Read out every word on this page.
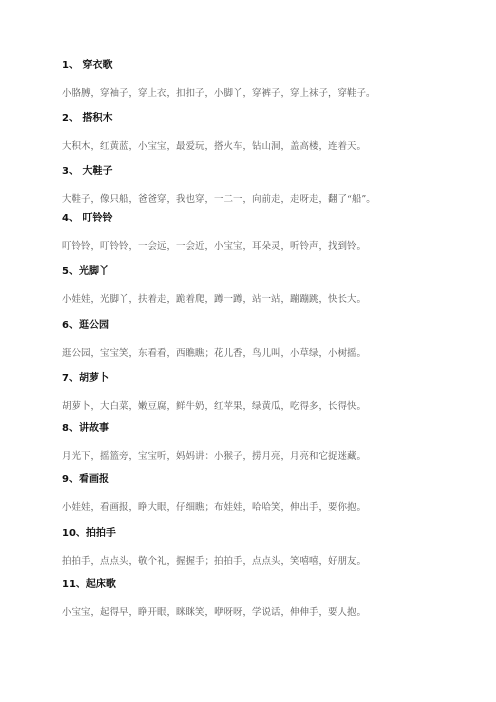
1、 穿衣歌
小胳膊，穿袖子，穿上衣，扣扣子，小脚丫，穿裤子，穿上袜子，穿鞋子。
2、 搭积木
大积木，红黄蓝，小宝宝，最爱玩，搭火车，钻山洞，盖高楼，连着天。
3、 大鞋子
大鞋子，像只船，爸爸穿，我也穿，一二一，向前走，走呀走，翻了“船”。
4、 叮铃铃
叮铃铃，叮铃铃，一会远，一会近，小宝宝，耳朵灵，听铃声，找到铃。
5、光脚丫
小娃娃，光脚丫，扶着走，跪着爬，蹲一蹲，站一站，蹦蹦跳，快长大。
6、逛公园
逛公园，宝宝笑，东看看，西瞧瞧；花儿香，鸟儿叫，小草绿，小树摇。
7、胡萝卜
胡萝卜，大白菜，嫩豆腐，鲜牛奶，红苹果，绿黄瓜，吃得多，长得快。
8、讲故事
月光下，摇篮旁，宝宝听，妈妈讲：小猴子，捞月亮，月亮和它捉迷藏。
9、看画报
小娃娃，看画报，睁大眼，仔细瞧；布娃娃，哈哈笑，伸出手，要你抱。
10、拍拍手
拍拍手，点点头，敬个礼，握握手；拍拍手，点点头，笑嘻嘻，好朋友。
11、起床歌
小宝宝，起得早，睁开眼，眯眯笑，咿呀呀，学说话，伸伸手，要人抱。
